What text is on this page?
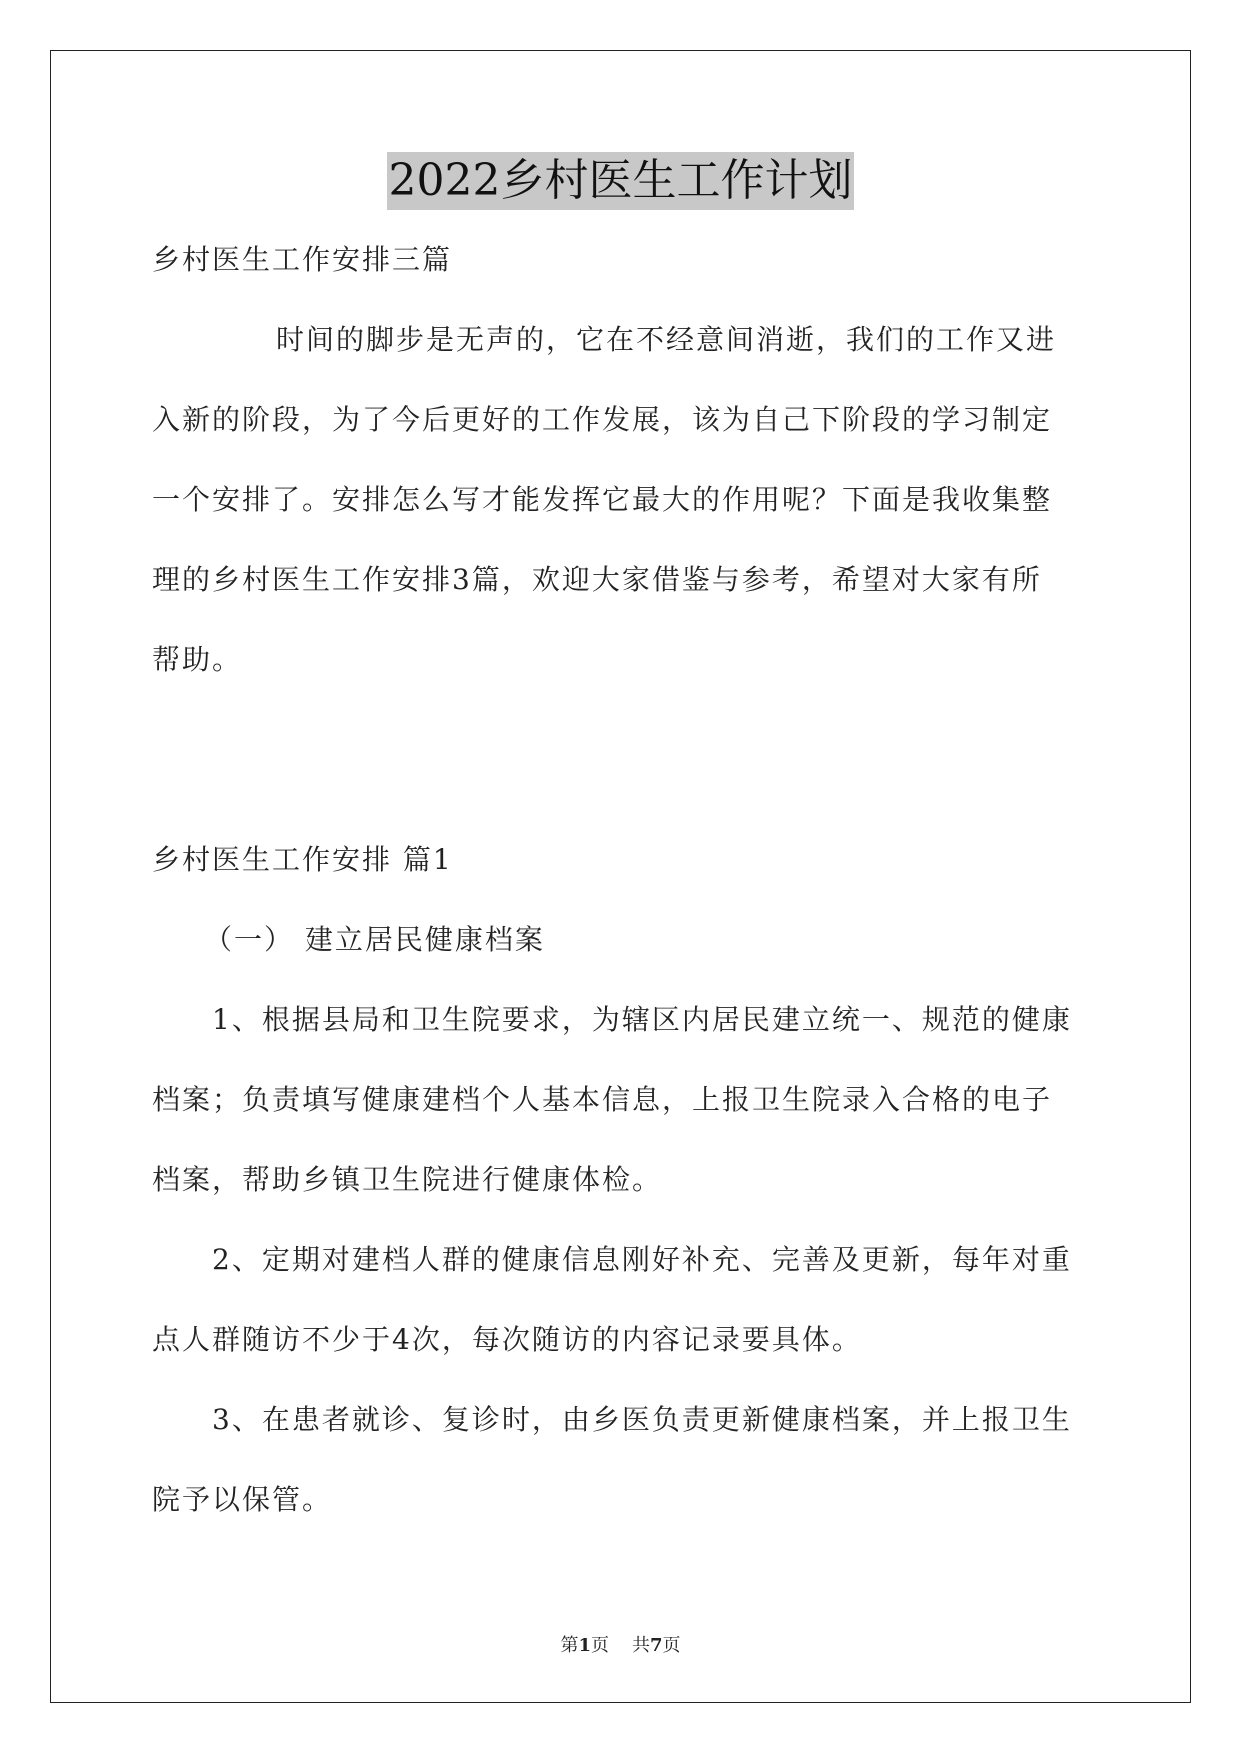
2022乡村医生工作计划
乡村医生工作安排三篇
时间的脚步是无声的，它在不经意间消逝，我们的工作又进
入新的阶段，为了今后更好的工作发展，该为自己下阶段的学习制定
一个安排了。安排怎么写才能发挥它最大的作用呢？下面是我收集整
理的乡村医生工作安排3篇，欢迎大家借鉴与参考，希望对大家有所
帮助。
乡村医生工作安排 篇1
（一） 建立居民健康档案
1、根据县局和卫生院要求，为辖区内居民建立统一、规范的健康
档案；负责填写健康建档个人基本信息，上报卫生院录入合格的电子
档案，帮助乡镇卫生院进行健康体检。
2、定期对建档人群的健康信息刚好补充、完善及更新，每年对重
点人群随访不少于4次，每次随访的内容记录要具体。
3、在患者就诊、复诊时，由乡医负责更新健康档案，并上报卫生
院予以保管。
第1页 共7页
